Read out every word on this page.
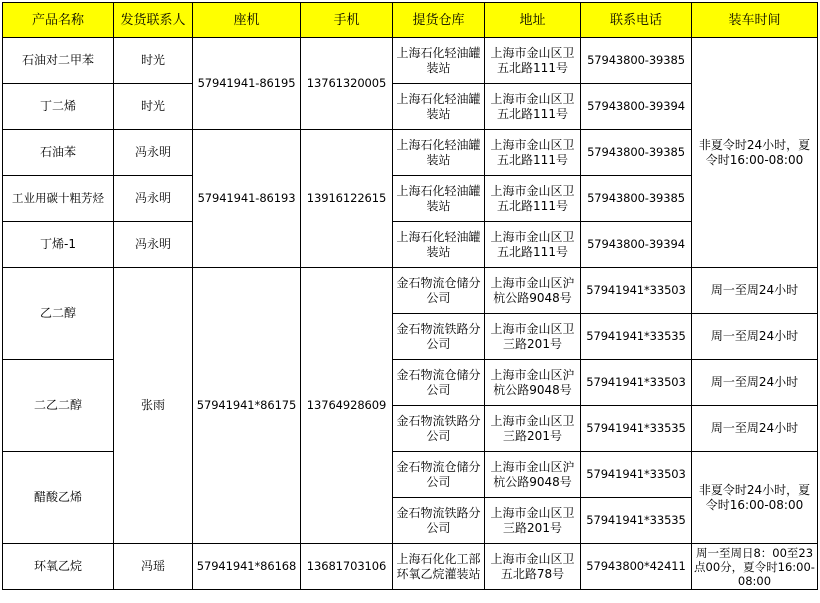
产品名称	发货联系人	座机	手机	提货仓库	地址	联系电话	装车时间
石油对二甲苯	时光	57941941-86195	13761320005	上海石化轻油罐装站	上海市金山区卫五北路111号	57943800-39385	非夏令时24小时，夏令时16:00-08:00
丁二烯	时光			上海石化轻油罐装站	上海市金山区卫五北路111号	57943800-39394	
石油苯	冯永明	57941941-86193	13916122615	上海石化轻油罐装站	上海市金山区卫五北路111号	57943800-39385	
工业用碳十粗芳烃	冯永明			上海石化轻油罐装站	上海市金山区卫五北路111号	57943800-39385	
丁烯-1	冯永明			上海石化轻油罐装站	上海市金山区卫五北路111号	57943800-39394	
乙二醇	张雨	57941941*86175	13764928609	金石物流仓储分公司	上海市金山区沪杭公路9048号	57941941*33503	周一至周24小时
				金石物流铁路分公司	上海市金山区卫三路201号	57941941*33535	周一至周24小时
二乙二醇				金石物流仓储分公司	上海市金山区沪杭公路9048号	57941941*33503	周一至周24小时
				金石物流铁路分公司	上海市金山区卫三路201号	57941941*33535	周一至周24小时
醋酸乙烯				金石物流仓储分公司	上海市金山区沪杭公路9048号	57941941*33503	非夏令时24小时，夏令时16:00-08:00
				金石物流铁路分公司	上海市金山区卫三路201号	57941941*33535	
环氧乙烷	冯瑶	57941941*86168	13681703106	上海石化化工部环氧乙烷灌装站	上海市金山区卫五北路78号	57943800*42411	周一至周日8：00至23点00分，夏令时16:00-08:00
